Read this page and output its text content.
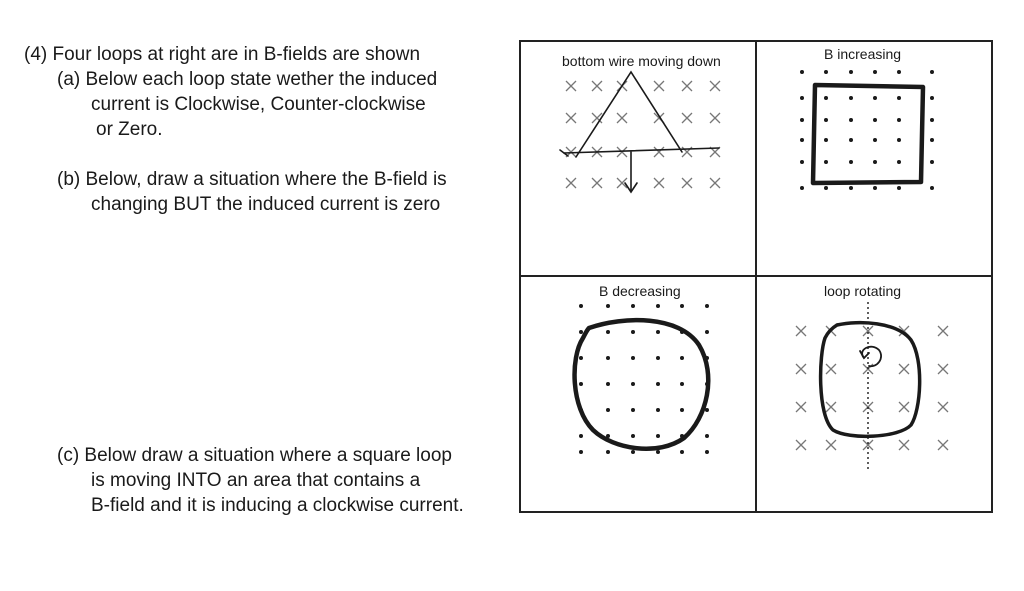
(4) Four loops at right are in B-fields are shown

(a) Below each loop state wether the induced

current is Clockwise, Counter-clockwise

or Zero.

(b) Below, draw a situation where the B-field is

changing BUT the induced current is zero

(c) Below draw a situation where a square loop

is moving INTO an area that contains a

B-field and it is inducing a clockwise current.

bottom wire moving down	B increasing
B decreasing	loop rotating
